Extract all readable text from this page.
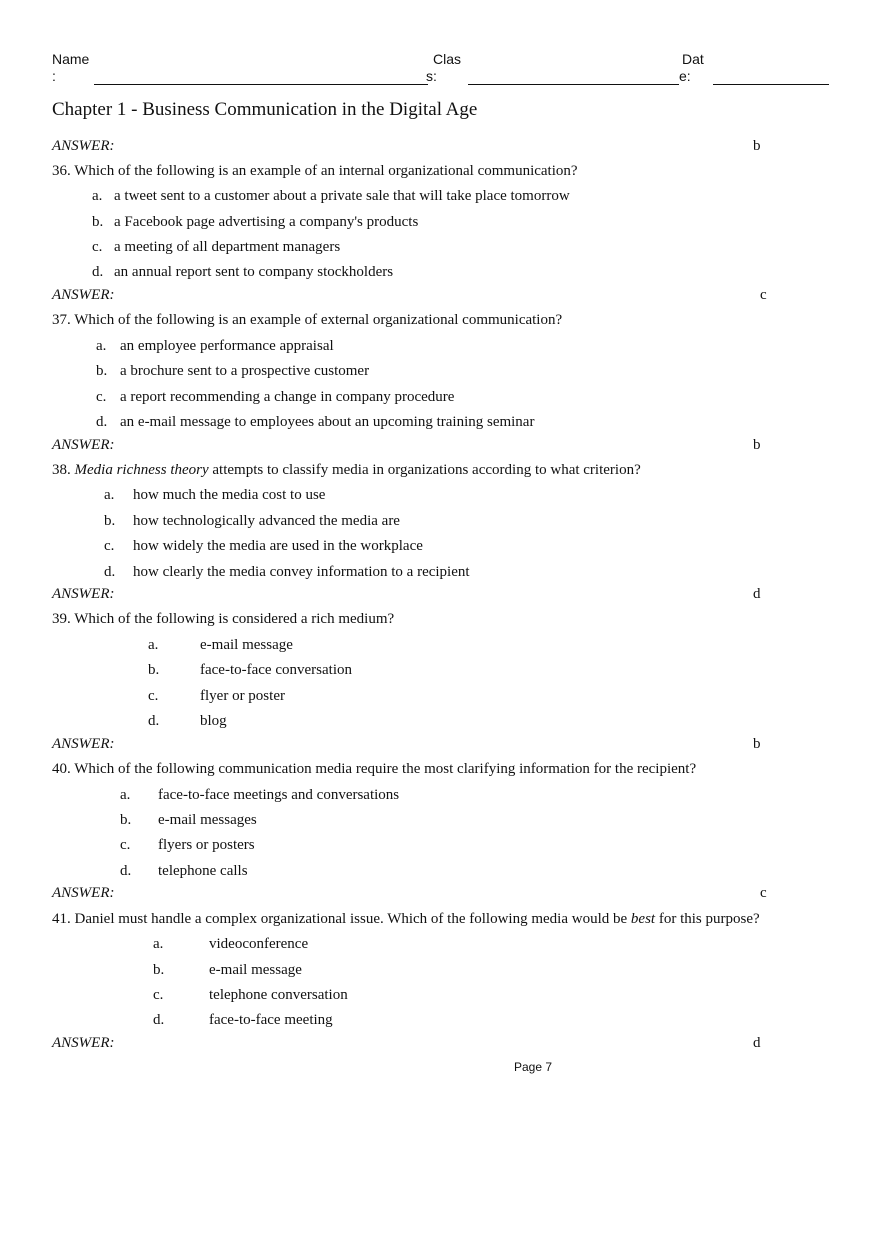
Name
:
Clas
s:
Dat
e:
Chapter 1 - Business Communication in the Digital Age
ANSWER:	b
36. Which of the following is an example of an internal organizational communication?
a. a tweet sent to a customer about a private sale that will take place tomorrow
b. a Facebook page advertising a company's products
c. a meeting of all department managers
d. an annual report sent to company stockholders
ANSWER:	c
37. Which of the following is an example of external organizational communication?
a. an employee performance appraisal
b. a brochure sent to a prospective customer
c. a report recommending a change in company procedure
d. an e-mail message to employees about an upcoming training seminar
ANSWER:	b
38. Media richness theory attempts to classify media in organizations according to what criterion?
a. how much the media cost to use
b. how technologically advanced the media are
c. how widely the media are used in the workplace
d. how clearly the media convey information to a recipient
ANSWER:	d
39. Which of the following is considered a rich medium?
a.	e-mail message
b.	face-to-face conversation
c.	flyer or poster
d.	blog
ANSWER:	b
40. Which of the following communication media require the most clarifying information for the recipient?
a. face-to-face meetings and conversations
b. e-mail messages
c. flyers or posters
d. telephone calls
ANSWER:	c
41. Daniel must handle a complex organizational issue. Which of the following media would be best for this purpose?
a.	videoconference
b.	e-mail message
c.	telephone conversation
d.	face-to-face meeting
ANSWER:	d
Page 7
